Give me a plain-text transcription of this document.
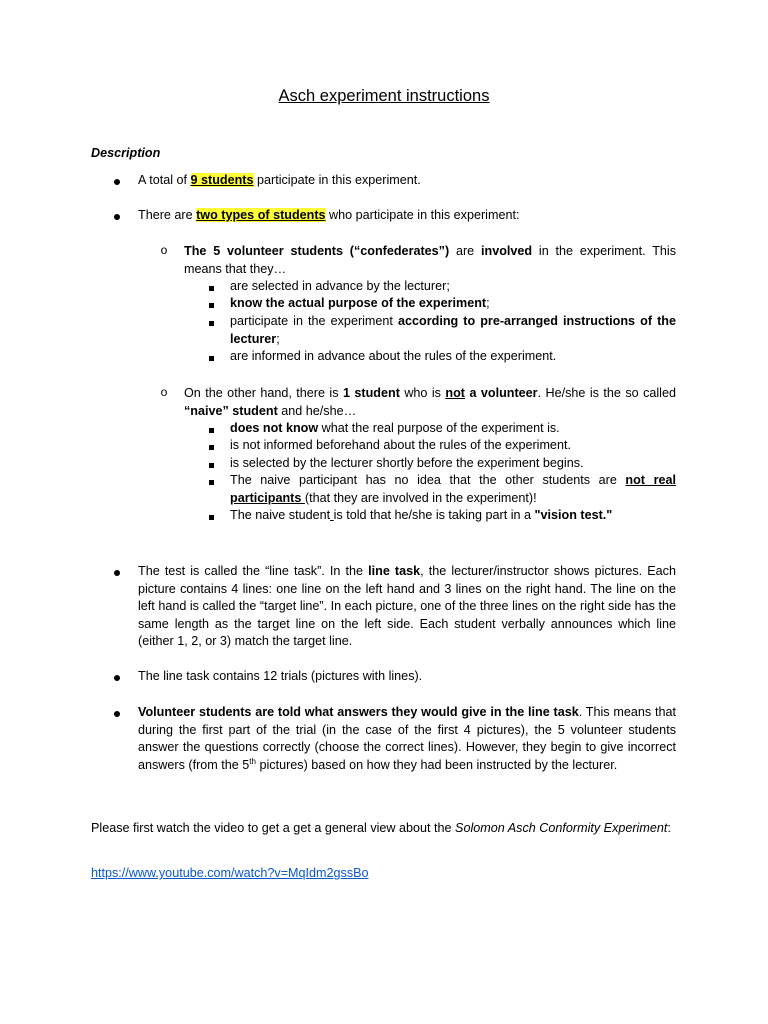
Asch experiment instructions
Description
A total of 9 students participate in this experiment.
There are two types of students who participate in this experiment:
o The 5 volunteer students (“confederates”) are involved in the experiment. This means that they…
are selected in advance by the lecturer;
know the actual purpose of the experiment;
participate in the experiment according to pre-arranged instructions of the lecturer;
are informed in advance about the rules of the experiment.
o On the other hand, there is 1 student who is not a volunteer. He/she is the so called “naive” student and he/she…
does not know what the real purpose of the experiment is.
is not informed beforehand about the rules of the experiment.
is selected by the lecturer shortly before the experiment begins.
The naive participant has no idea that the other students are not real participants (that they are involved in the experiment)!
The naive student is told that he/she is taking part in a "vision test."
The test is called the “line task”. In the line task, the lecturer/instructor shows pictures. Each picture contains 4 lines: one line on the left hand and 3 lines on the right hand. The line on the left hand is called the “target line”. In each picture, one of the three lines on the right side has the same length as the target line on the left side. Each student verbally announces which line (either 1, 2, or 3) match the target line.
The line task contains 12 trials (pictures with lines).
Volunteer students are told what answers they would give in the line task. This means that during the first part of the trial (in the case of the first 4 pictures), the 5 volunteer students answer the questions correctly (choose the correct lines). However, they begin to give incorrect answers (from the 5th pictures) based on how they had been instructed by the lecturer.
Please first watch the video to get a get a general view about the Solomon Asch Conformity Experiment:
https://www.youtube.com/watch?v=MqIdm2gssBo
